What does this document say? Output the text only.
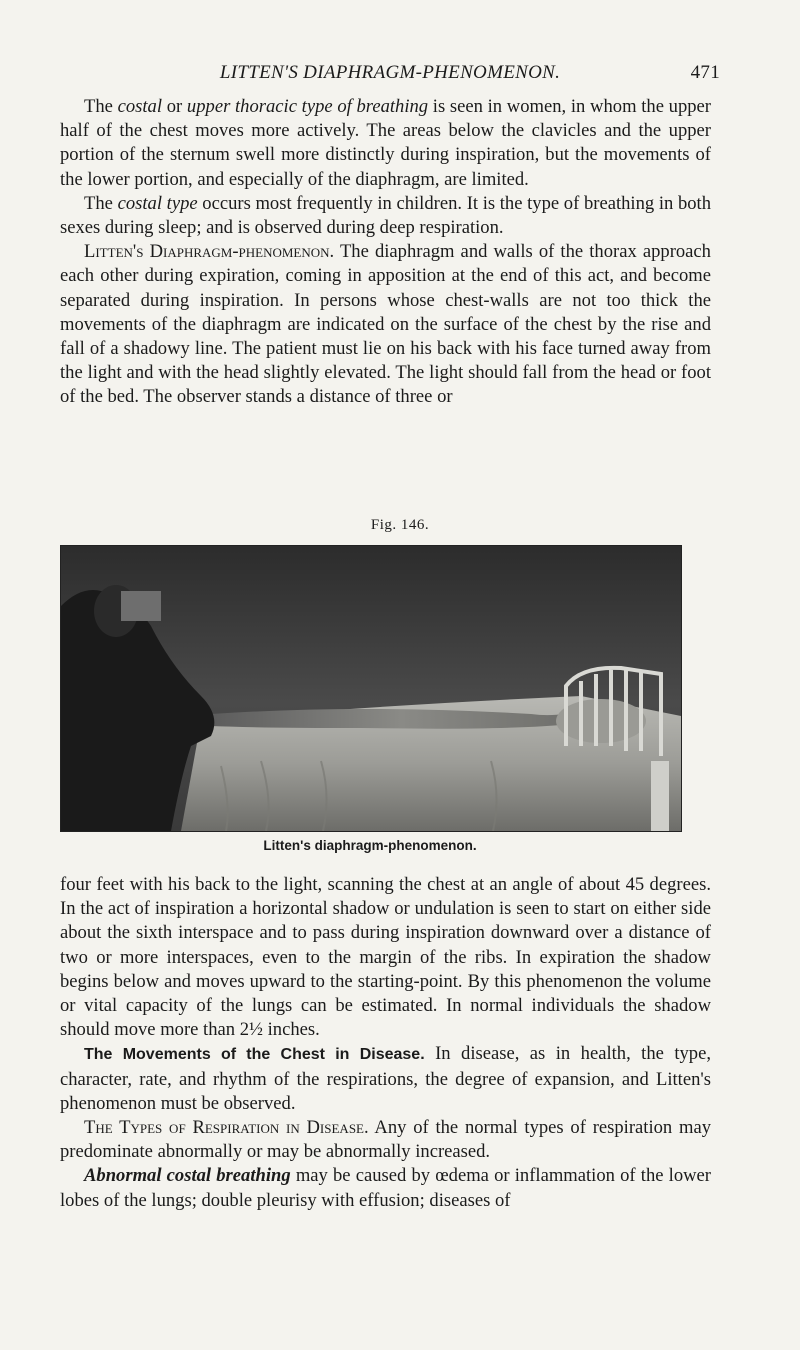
LITTEN'S DIAPHRAGM-PHENOMENON.	471

The costal or upper thoracic type of breathing is seen in women, in whom the upper half of the chest moves more actively. The areas below the clavicles and the upper portion of the sternum swell more distinctly during inspiration, but the movements of the lower portion, and especially of the diaphragm, are limited.

The costal type occurs most frequently in children. It is the type of breathing in both sexes during sleep; and is observed during deep respiration.

Litten's Diaphragm-phenomenon. The diaphragm and walls of the thorax approach each other during expiration, coming in apposition at the end of this act, and become separated during inspiration. In persons whose chest-walls are not too thick the movements of the diaphragm are indicated on the surface of the chest by the rise and fall of a shadowy line. The patient must lie on his back with his face turned away from the light and with the head slightly elevated. The light should fall from the head or foot of the bed. The observer stands a distance of three or

Fig. 146.
Litten's diaphragm-phenomenon.

four feet with his back to the light, scanning the chest at an angle of about 45 degrees. In the act of inspiration a horizontal shadow or undulation is seen to start on either side about the sixth interspace and to pass during inspiration downward over a distance of two or more interspaces, even to the margin of the ribs. In expiration the shadow begins below and moves upward to the starting-point. By this phenomenon the volume or vital capacity of the lungs can be estimated. In normal individuals the shadow should move more than 2½ inches.

The Movements of the Chest in Disease. In disease, as in health, the type, character, rate, and rhythm of the respirations, the degree of expansion, and Litten's phenomenon must be observed.

The Types of Respiration in Disease. Any of the normal types of respiration may predominate abnormally or may be abnormally increased.

Abnormal costal breathing may be caused by œdema or inflammation of the lower lobes of the lungs; double pleurisy with effusion; diseases of
